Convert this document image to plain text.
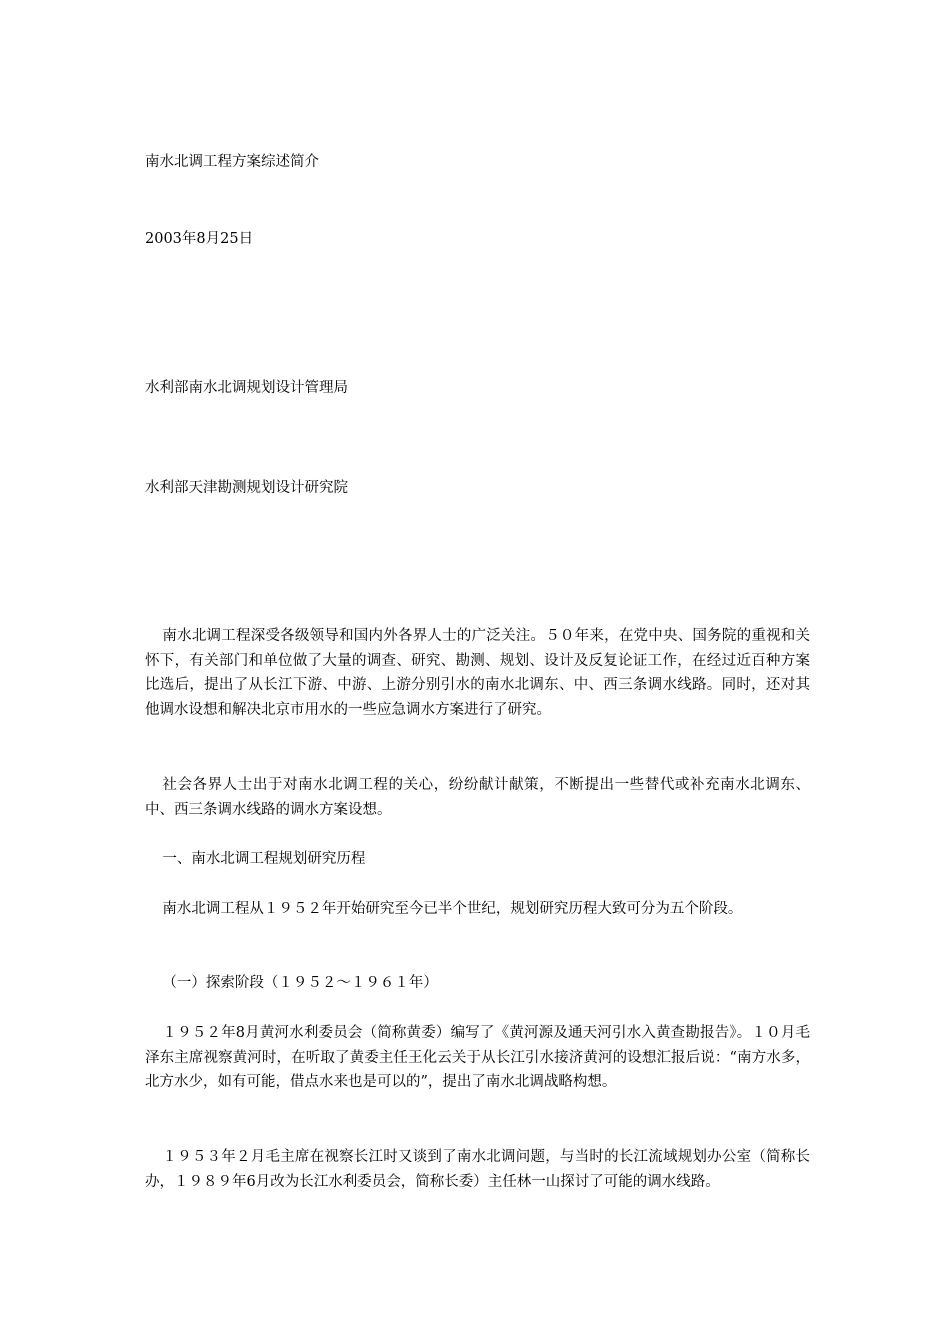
南水北调工程方案综述简介
2003年8月25日
水利部南水北调规划设计管理局
水利部天津勘测规划设计研究院
南水北调工程深受各级领导和国内外各界人士的广泛关注。５０年来，在党中央、国务院的重视和关怀下，有关部门和单位做了大量的调查、研究、勘测、规划、设计及反复论证工作，在经过近百种方案比选后，提出了从长江下游、中游、上游分别引水的南水北调东、中、西三条调水线路。同时，还对其他调水设想和解决北京市用水的一些应急调水方案进行了研究。
社会各界人士出于对南水北调工程的关心，纷纷献计献策，不断提出一些替代或补充南水北调东、中、西三条调水线路的调水方案设想。
一、南水北调工程规划研究历程
南水北调工程从１９５２年开始研究至今已半个世纪，规划研究历程大致可分为五个阶段。
（一）探索阶段（１９５２～１９６１年）
１９５２年8月黄河水利委员会（简称黄委）编写了《黄河源及通天河引水入黄查勘报告》。１０月毛泽东主席视察黄河时，在听取了黄委主任王化云关于从长江引水接济黄河的设想汇报后说：“南方水多，北方水少，如有可能，借点水来也是可以的”，提出了南水北调战略构想。
１９５３年２月毛主席在视察长江时又谈到了南水北调问题，与当时的长江流域规划办公室（简称长办，１９８９年6月改为长江水利委员会，简称长委）主任林一山探讨了可能的调水线路。
